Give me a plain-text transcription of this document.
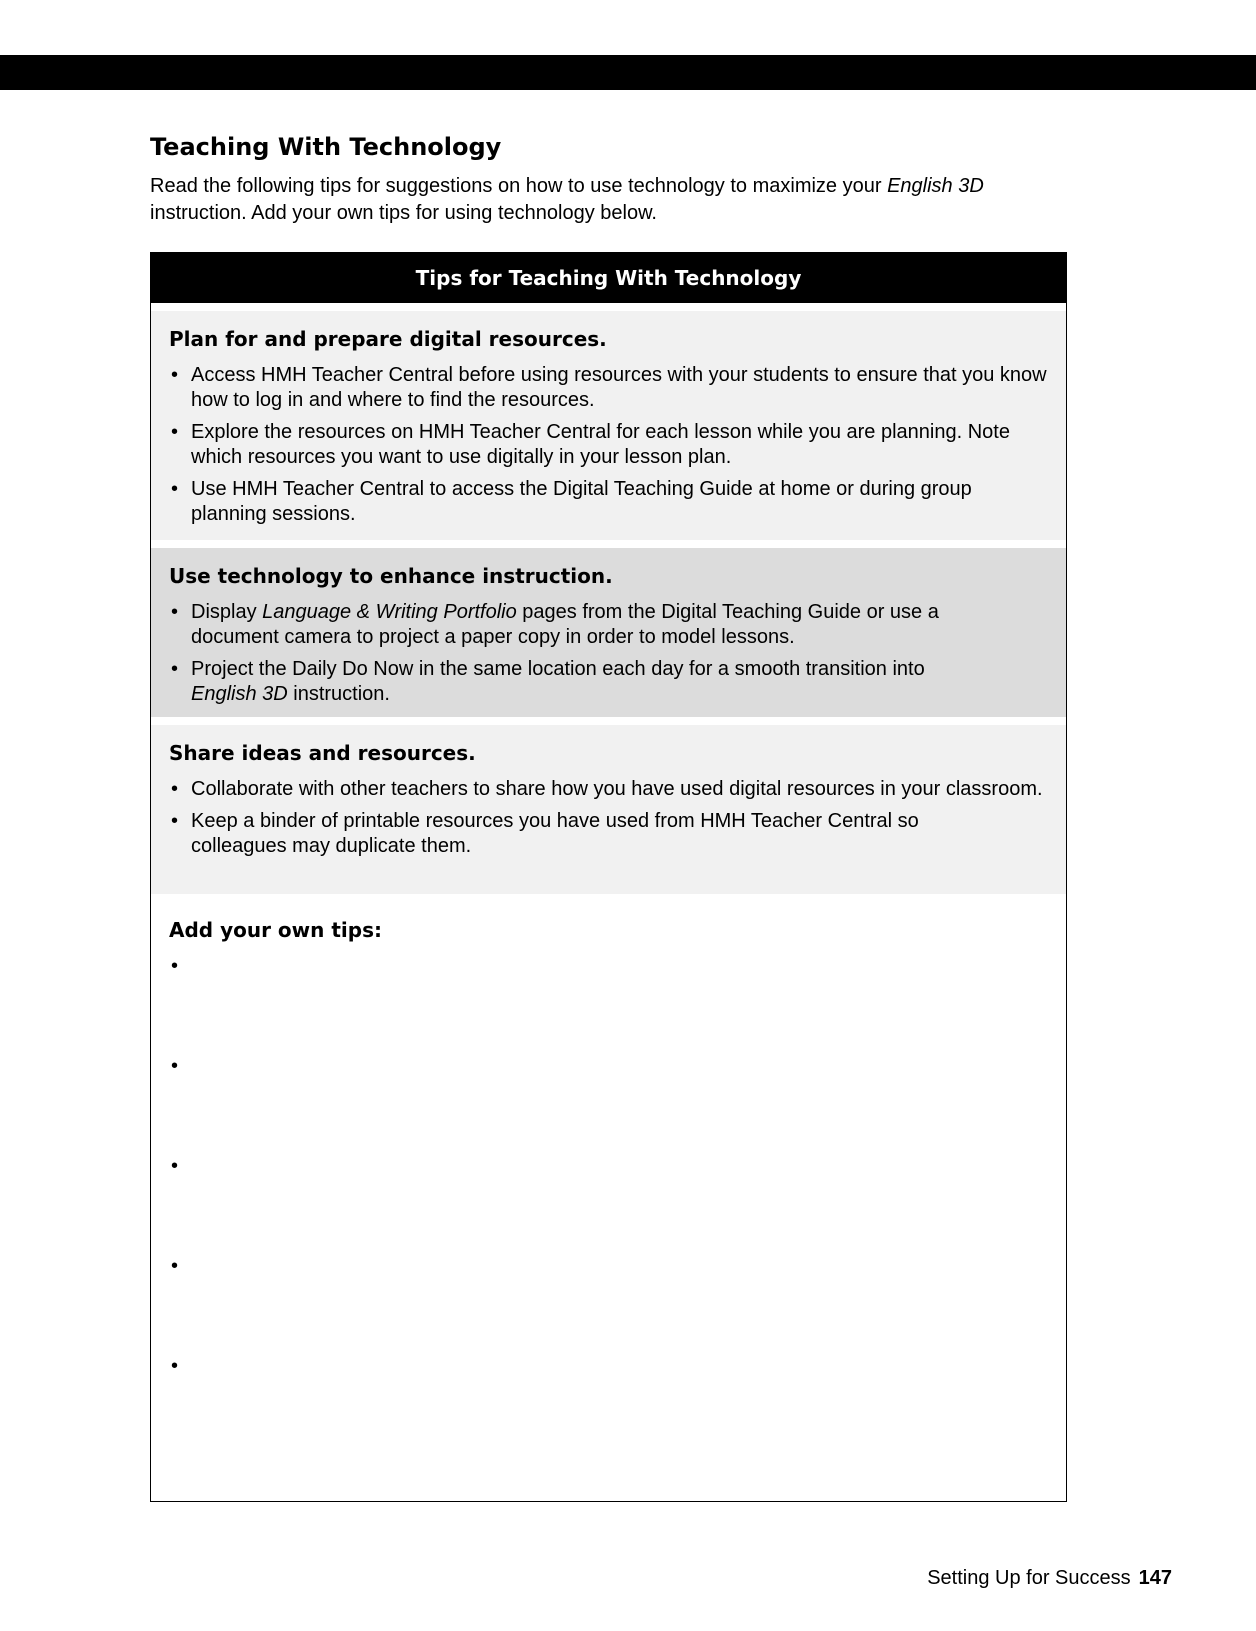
Teaching With Technology

Read the following tips for suggestions on how to use technology to maximize your English 3D instruction. Add your own tips for using technology below.

Tips for Teaching With Technology
Plan for and prepare digital resources.
• Access HMH Teacher Central before using resources with your students to ensure that you know how to log in and where to find the resources.
• Explore the resources on HMH Teacher Central for each lesson while you are planning. Note which resources you want to use digitally in your lesson plan.
• Use HMH Teacher Central to access the Digital Teaching Guide at home or during group planning sessions.
Use technology to enhance instruction.
• Display Language & Writing Portfolio pages from the Digital Teaching Guide or use a document camera to project a paper copy in order to model lessons.
• Project the Daily Do Now in the same location each day for a smooth transition into English 3D instruction.
Share ideas and resources.
• Collaborate with other teachers to share how you have used digital resources in your classroom.
• Keep a binder of printable resources you have used from HMH Teacher Central so colleagues may duplicate them.
Add your own tips:
•
•
•
•
•
Setting Up for Success 147
